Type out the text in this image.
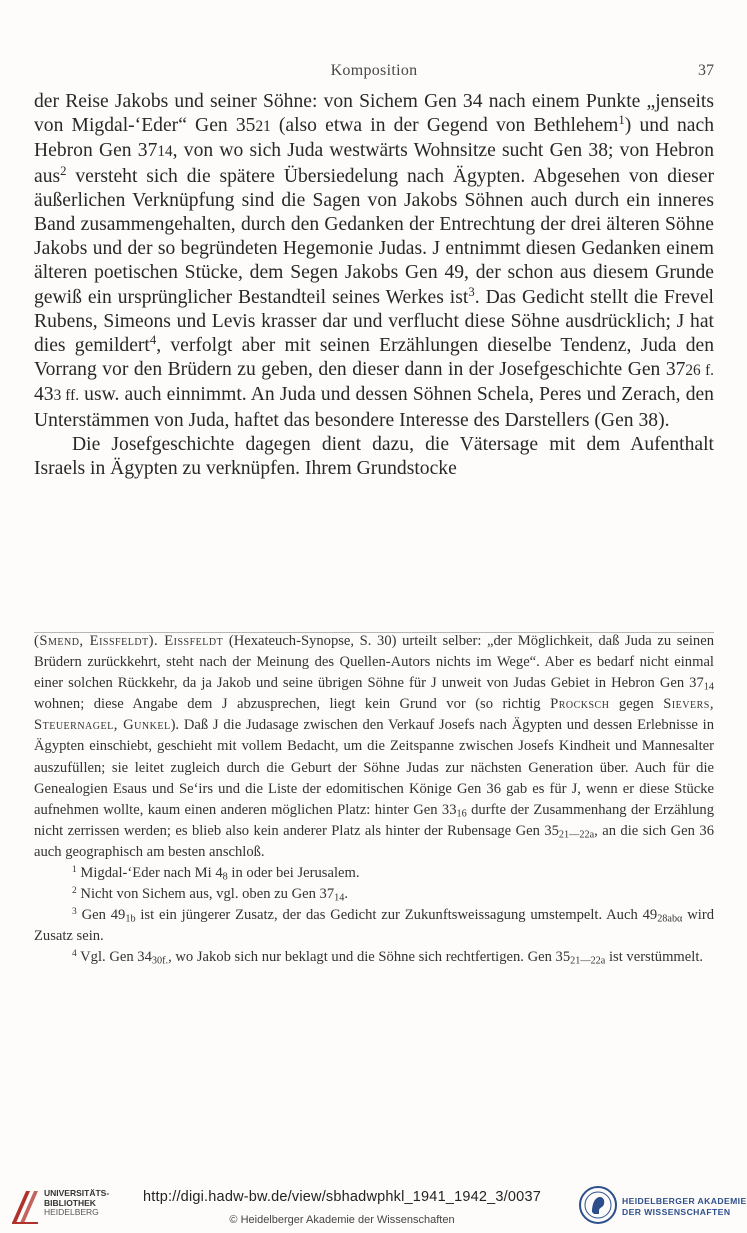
Komposition	37

der Reise Jakobs und seiner Söhne: von Sichem Gen 34 nach einem Punkte „jenseits von Migdal-‘Eder“ Gen 3521 (also etwa in der Gegend von Bethlehem$^1$) und nach Hebron Gen 3714, von wo sich Juda westwärts Wohnsitze sucht Gen 38; von Hebron aus$^2$ versteht sich die spätere Übersiedelung nach Ägypten. Abgesehen von dieser äußerlichen Verknüpfung sind die Sagen von Jakobs Söhnen auch durch ein inneres Band zusammengehalten, durch den Gedanken der Entrechtung der drei älteren Söhne Jakobs und der so begründeten Hegemonie Judas. J entnimmt diesen Gedanken einem älteren poetischen Stücke, dem Segen Jakobs Gen 49, der schon aus diesem Grunde gewiß ein ursprünglicher Bestandteil seines Werkes ist$^3$. Das Gedicht stellt die Frevel Rubens, Simeons und Levis krasser dar und verflucht diese Söhne ausdrücklich; J hat dies gemildert$^4$, verfolgt aber mit seinen Erzählungen dieselbe Tendenz, Juda den Vorrang vor den Brüdern zu geben, den dieser dann in der Josefgeschichte Gen 3726 f. 433 ff. usw. auch einnimmt. An Juda und dessen Söhnen Schela, Peres und Zerach, den Unterstämmen von Juda, haftet das besondere Interesse des Darstellers (Gen 38).

Die Josefgeschichte dagegen dient dazu, die Vätersage mit dem Aufenthalt Israels in Ägypten zu verknüpfen. Ihrem Grundstocke

(Smend, Eissfeldt). Eissfeldt (Hexateuch-Synopse, S. 30) urteilt selber: „der Möglichkeit, daß Juda zu seinen Brüdern zurückkehrt, steht nach der Meinung des Quellen-Autors nichts im Wege“. Aber es bedarf nicht einmal einer solchen Rückkehr, da ja Jakob und seine übrigen Söhne für J unweit von Judas Gebiet in Hebron Gen $37_{14}$ wohnen; diese Angabe dem J abzusprechen, liegt kein Grund vor (so richtig Procksch gegen Sievers, Steuernagel, Gunkel). Daß J die Judasage zwischen den Verkauf Josefs nach Ägypten und dessen Erlebnisse in Ägypten einschiebt, geschieht mit vollem Bedacht, um die Zeitspanne zwischen Josefs Kindheit und Mannesalter auszufüllen; sie leitet zugleich durch die Geburt der Söhne Judas zur nächsten Generation über. Auch für die Genealogien Esaus und Se‘irs und die Liste der edomitischen Könige Gen 36 gab es für J, wenn er diese Stücke aufnehmen wollte, kaum einen anderen möglichen Platz: hinter Gen $33_{16}$ durfte der Zusammenhang der Erzählung nicht zerrissen werden; es blieb also kein anderer Platz als hinter der Rubensage Gen $35_{21—22a}$, an die sich Gen 36 auch geographisch am besten anschloß.

$^1$ Migdal-‘Eder nach Mi $4_8$ in oder bei Jerusalem.

$^2$ Nicht von Sichem aus, vgl. oben zu Gen $37_{14}$.

$^3$ Gen $49_{1b}$ ist ein jüngerer Zusatz, der das Gedicht zur Zukunftsweissagung umstempelt. Auch $49_{28ab\alpha}$ wird Zusatz sein.

$^4$ Vgl. Gen $34_{30f.}$, wo Jakob sich nur beklagt und die Söhne sich rechtfertigen. Gen $35_{21—22a}$ ist verstümmelt.

UNIVERSITÄTS-
BIBLIOTHEK
HEIDELBERG
http://digi.hadw-bw.de/view/sbhadwphkl_1941_1942_3/0037
© Heidelberger Akademie der Wissenschaften
HEIDELBERGER AKADEMIE
DER WISSENSCHAFTEN
